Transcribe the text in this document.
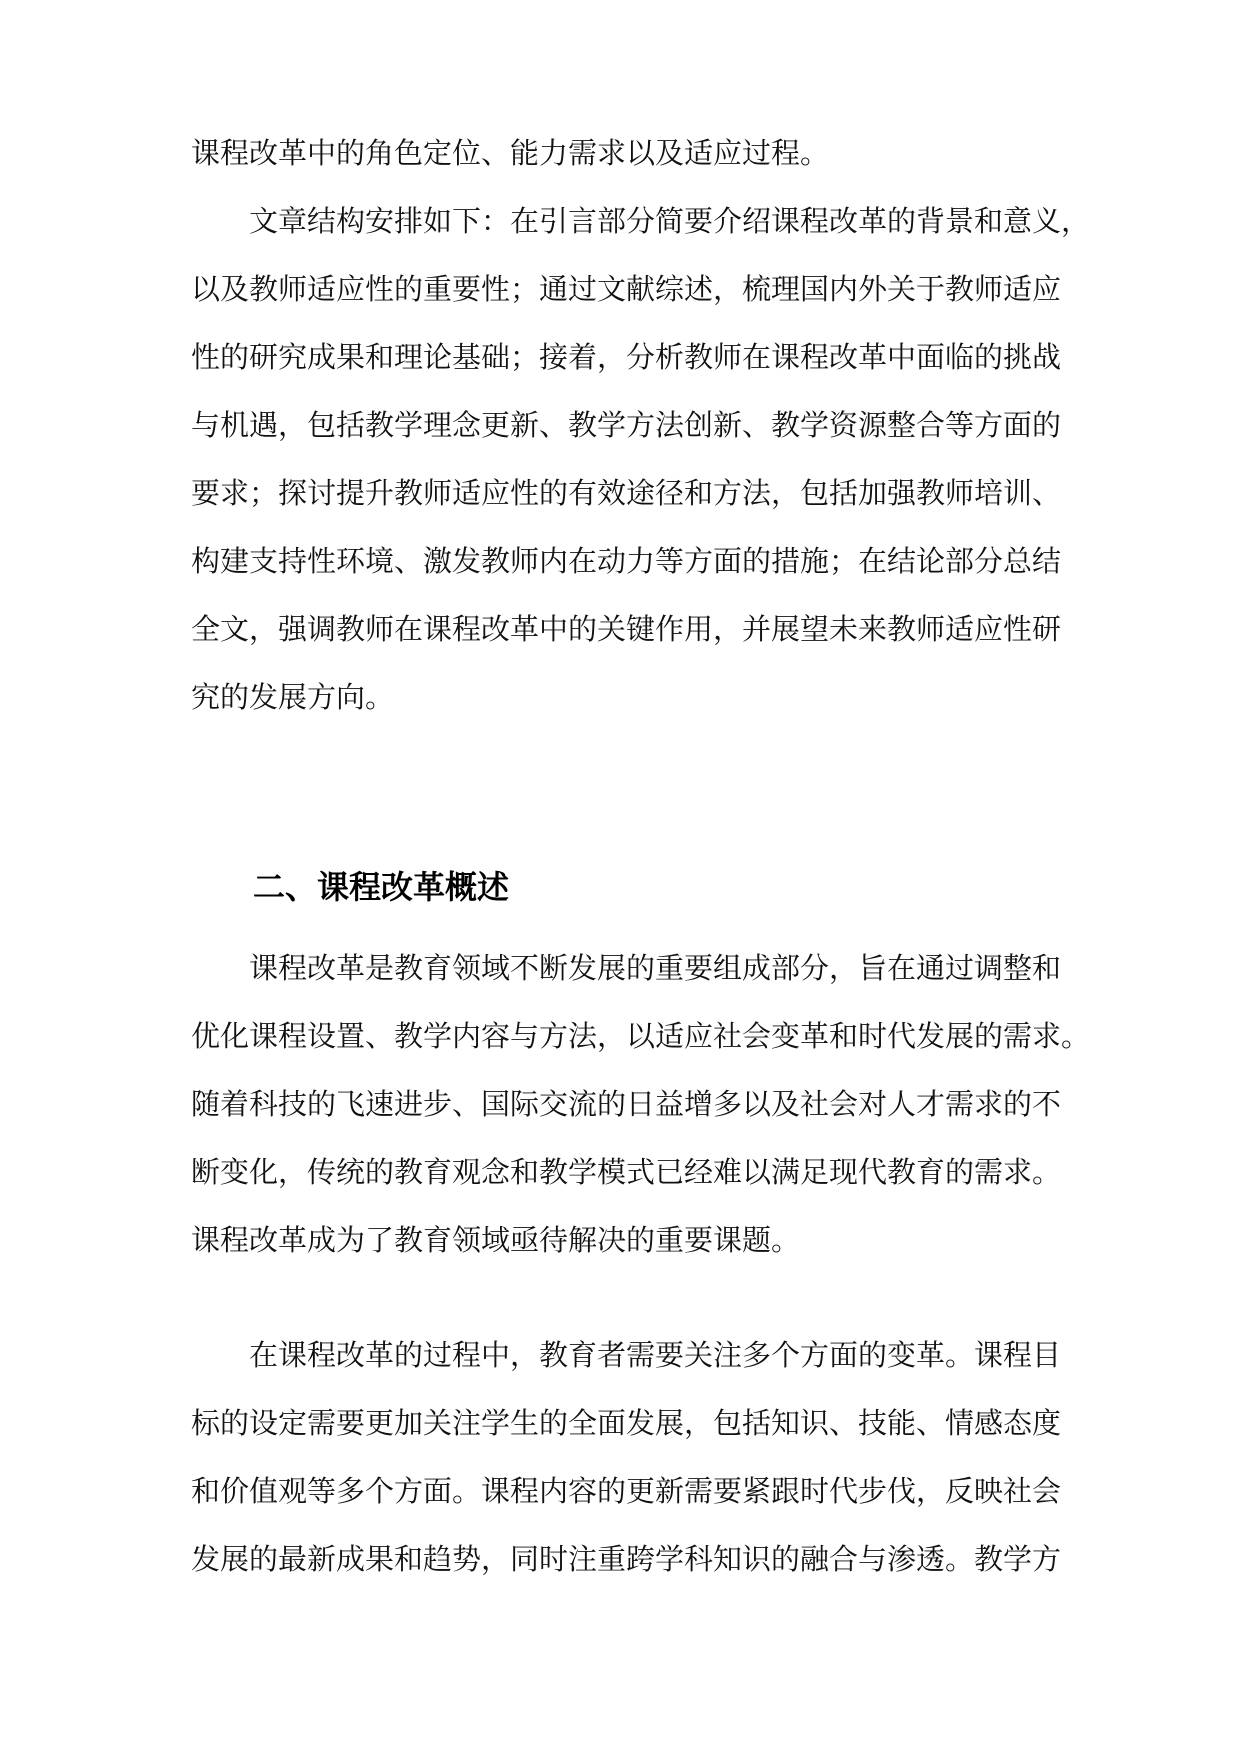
课程改革中的角色定位、能力需求以及适应过程。
文章结构安排如下：在引言部分简要介绍课程改革的背景和意义，
以及教师适应性的重要性；通过文献综述，梳理国内外关于教师适应
性的研究成果和理论基础；接着，分析教师在课程改革中面临的挑战
与机遇，包括教学理念更新、教学方法创新、教学资源整合等方面的
要求；探讨提升教师适应性的有效途径和方法，包括加强教师培训、
构建支持性环境、激发教师内在动力等方面的措施；在结论部分总结
全文，强调教师在课程改革中的关键作用，并展望未来教师适应性研
究的发展方向。
二、课程改革概述
课程改革是教育领域不断发展的重要组成部分，旨在通过调整和
优化课程设置、教学内容与方法，以适应社会变革和时代发展的需求。
随着科技的飞速进步、国际交流的日益增多以及社会对人才需求的不
断变化，传统的教育观念和教学模式已经难以满足现代教育的需求。
课程改革成为了教育领域亟待解决的重要课题。
在课程改革的过程中，教育者需要关注多个方面的变革。课程目
标的设定需要更加关注学生的全面发展，包括知识、技能、情感态度
和价值观等多个方面。课程内容的更新需要紧跟时代步伐，反映社会
发展的最新成果和趋势，同时注重跨学科知识的融合与渗透。教学方
